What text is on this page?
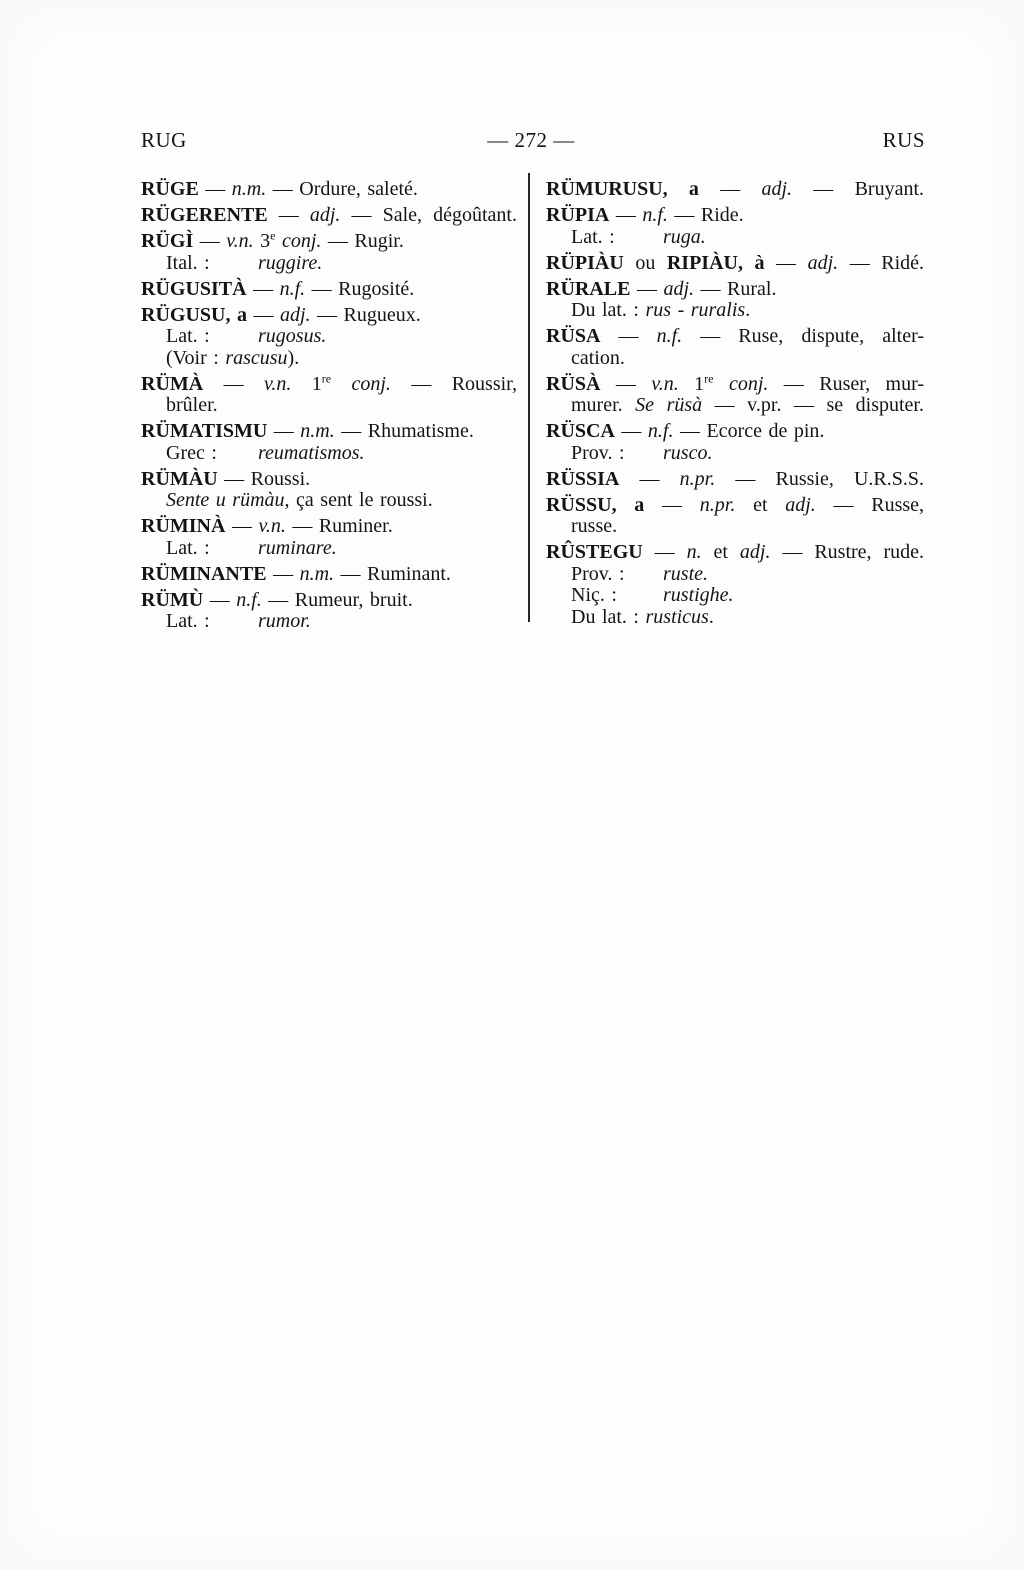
— 272 —
RUG	RUS
RÜGE — n.m. — Ordure, saleté.
RÜGERENTE — adj. — Sale, dégoûtant.
RÜGÌ — v.n. 3e conj. — Rugir.
Ital. : ruggire.
RÜGUSITÀ — n.f. — Rugosité.
RÜGUSU, a — adj. — Rugueux.
Lat. : rugosus.
(Voir : rascusu).
RÜMÀ — v.n. 1re conj. — Roussir,
brûler.
RÜMATISMU — n.m. — Rhumatisme.
Grec : reumatismos.
RÜMÀU — Roussi.
Sente u rümàu, ça sent le roussi.
RÜMINÀ — v.n. — Ruminer.
Lat. : ruminare.
RÜMINANTE — n.m. — Ruminant.
RÜMÙ — n.f. — Rumeur, bruit.
Lat. : rumor.
RÜMURUSU, a — adj. — Bruyant.
RÜPIA — n.f. — Ride.
Lat. : ruga.
RÜPIÀU ou RIPIÀU, à — adj. — Ridé.
RÜRALE — adj. — Rural.
Du lat. : rus - ruralis.
RÜSA — n.f. — Ruse, dispute, alter-
cation.
RÜSÀ — v.n. 1re conj. — Ruser, mur-
murer. Se rüsà — v.pr. — se disputer.
RÜSCA — n.f. — Ecorce de pin.
Prov. : rusco.
RÜSSIA — n.pr. — Russie, U.R.S.S.
RÜSSU, a — n.pr. et adj. — Russe,
russe.
RÛSTEGU — n. et adj. — Rustre, rude.
Prov. : ruste.
Niç. : rustighe.
Du lat. : rusticus.
